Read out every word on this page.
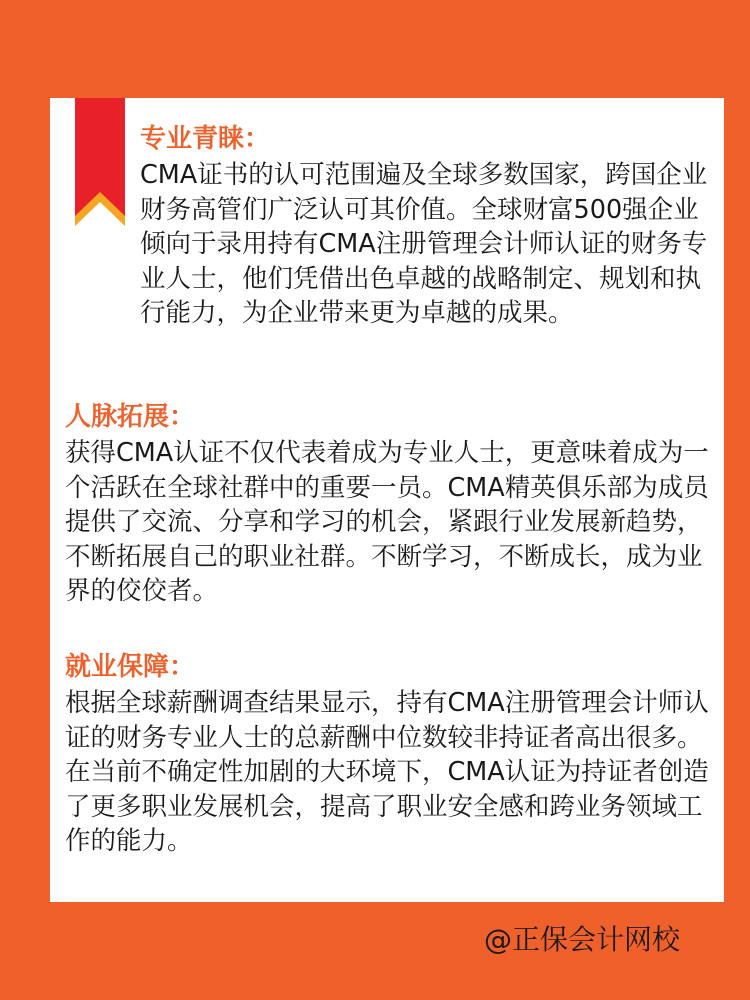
专业青睐：

CMA证书的认可范围遍及全球多数国家，跨国企业财务高管们广泛认可其价值。全球财富500强企业倾向于录用持有CMA注册管理会计师认证的财务专业人士，他们凭借出色卓越的战略制定、规划和执行能力，为企业带来更为卓越的成果。

人脉拓展：

获得CMA认证不仅代表着成为专业人士，更意味着成为一个活跃在全球社群中的重要一员。CMA精英俱乐部为成员提供了交流、分享和学习的机会，紧跟行业发展新趋势，不断拓展自己的职业社群。不断学习，不断成长，成为业界的佼佼者。

就业保障：

根据全球薪酬调查结果显示，持有CMA注册管理会计师认证的财务专业人士的总薪酬中位数较非持证者高出很多。在当前不确定性加剧的大环境下，CMA认证为持证者创造了更多职业发展机会，提高了职业安全感和跨业务领域工作的能力。

@正保会计网校
